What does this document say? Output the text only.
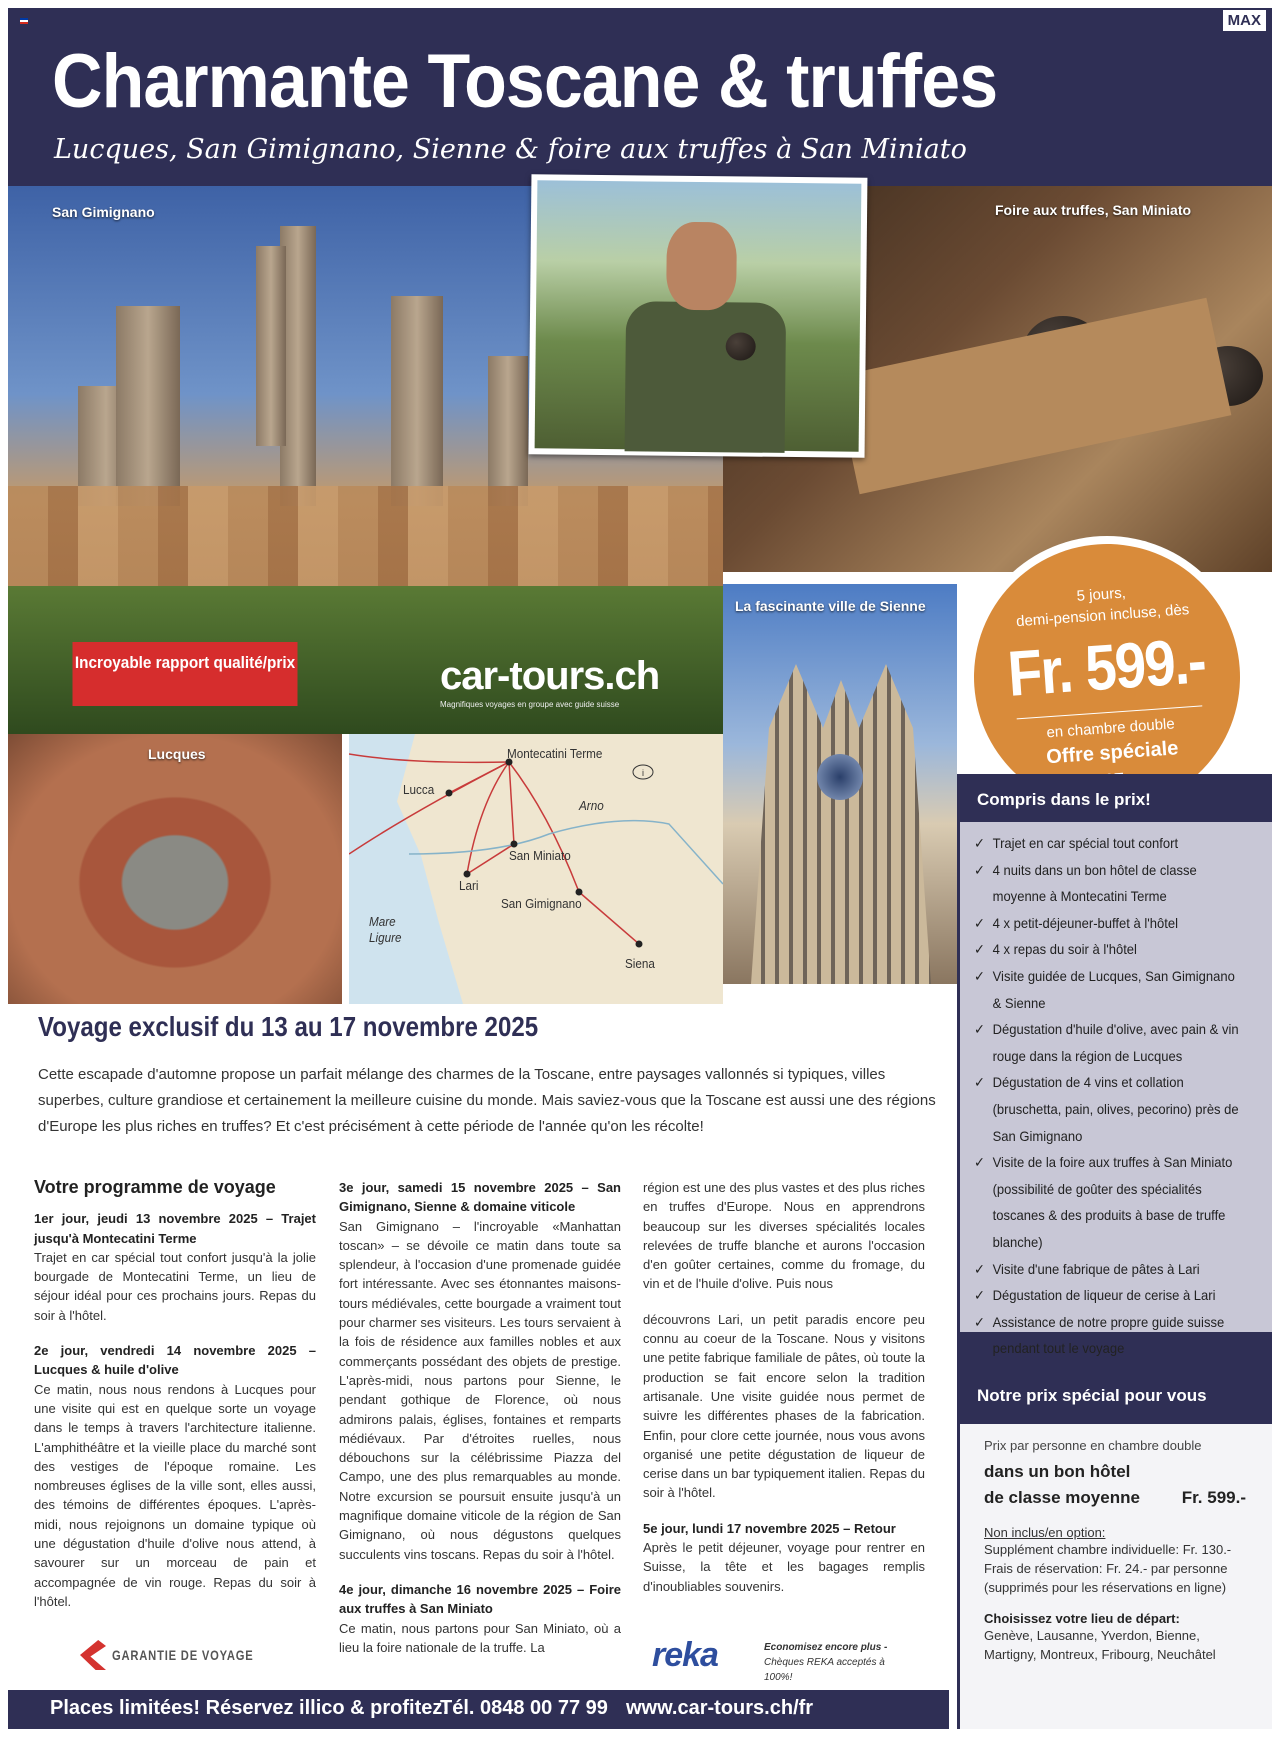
MAX
Charmante Toscane & truffes
Lucques, San Gimignano, Sienne & foire aux truffes à San Miniato
San Gimignano
Incroyable rapport qualité/prix	car-tours.ch
Magnifiques voyages en groupe avec guide suisse
Foire aux truffes, San Miniato
La fascinante ville de Sienne
Lucques
i
Montecatini Terme
Lucca
Arno
San Miniato
Lari
San Gimignano
Mare Ligure
Siena
5 jours,
demi-pension incluse, dès
Fr. 599.-
en chambre double
Offre spéciale
Compris dans le prix!
✓ Trajet en car spécial tout confort
✓ 4 nuits dans un bon hôtel de classe moyenne à Montecatini Terme
✓ 4 x petit-déjeuner-buffet à l'hôtel
✓ 4 x repas du soir à l'hôtel
✓ Visite guidée de Lucques, San Gimignano & Sienne
✓ Dégustation d'huile d'olive, avec pain & vin rouge dans la région de Lucques
✓ Dégustation de 4 vins et collation (bruschetta, pain, olives, pecorino) près de San Gimignano
✓ Visite de la foire aux truffes à San Miniato (possibilité de goûter des spécialités toscanes & des produits à base de truffe blanche)
✓ Visite d'une fabrique de pâtes à Lari
✓ Dégustation de liqueur de cerise à Lari
✓ Assistance de notre propre guide suisse pendant tout le voyage
Notre prix spécial pour vous
Prix par personne en chambre double
dans un bon hôtel
de classe moyenne Fr. 599.-
Non inclus/en option:
Supplément chambre individuelle: Fr. 130.-
Frais de réservation: Fr. 24.- par personne
(supprimés pour les réservations en ligne)
Choisissez votre lieu de départ:
Genève, Lausanne, Yverdon, Bienne, Martigny, Montreux, Fribourg, Neuchâtel
Voyage exclusif du 13 au 17 novembre 2025
Cette escapade d'automne propose un parfait mélange des charmes de la Toscane, entre paysages vallonnés si typiques, villes superbes, culture grandiose et certainement la meilleure cuisine du monde. Mais saviez-vous que la Toscane est aussi une des régions d'Europe les plus riches en truffes? Et c'est précisément à cette période de l'année qu'on les récolte!
Votre programme de voyage
1er jour, jeudi 13 novembre 2025 – Trajet jusqu'à Montecatini Terme
Trajet en car spécial tout confort jusqu'à la jolie bourgade de Montecatini Terme, un lieu de séjour idéal pour ces prochains jours. Repas du soir à l'hôtel.
2e jour, vendredi 14 novembre 2025 – Lucques & huile d'olive
Ce matin, nous nous rendons à Lucques pour une visite qui est en quelque sorte un voyage dans le temps à travers l'architecture italienne. L'amphithéâtre et la vieille place du marché sont des vestiges de l'époque romaine. Les nombreuses églises de la ville sont, elles aussi, des témoins de différentes époques. L'après-midi, nous rejoignons un domaine typique où une dégustation d'huile d'olive nous attend, à savourer sur un morceau de pain et accompagnée de vin rouge. Repas du soir à l'hôtel.
3e jour, samedi 15 novembre 2025 – San Gimignano, Sienne & domaine viticole
San Gimignano – l'incroyable «Manhattan toscan» – se dévoile ce matin dans toute sa splendeur, à l'occasion d'une promenade guidée fort intéressante. Avec ses étonnantes maisons-tours médiévales, cette bourgade a vraiment tout pour charmer ses visiteurs. Les tours servaient à la fois de résidence aux familles nobles et aux commerçants possédant des objets de prestige. L'après-midi, nous partons pour Sienne, le pendant gothique de Florence, où nous admirons palais, églises, fontaines et remparts médiévaux. Par d'étroites ruelles, nous débouchons sur la célébrissime Piazza del Campo, une des plus remarquables au monde. Notre excursion se poursuit ensuite jusqu'à un magnifique domaine viticole de la région de San Gimignano, où nous dégustons quelques succulents vins toscans. Repas du soir à l'hôtel.
4e jour, dimanche 16 novembre 2025 – Foire aux truffes à San Miniato
Ce matin, nous partons pour San Miniato, où a lieu la foire nationale de la truffe. La
région est une des plus vastes et des plus riches en truffes d'Europe. Nous en apprendrons beaucoup sur les diverses spécialités locales relevées de truffe blanche et aurons l'occasion d'en goûter certaines, comme du fromage, du vin et de l'huile d'olive. Puis nous
découvrons Lari, un petit paradis encore peu connu au coeur de la Toscane. Nous y visitons une petite fabrique familiale de pâtes, où toute la production se fait encore selon la tradition artisanale. Une visite guidée nous permet de suivre les différentes phases de la fabrication. Enfin, pour clore cette journée, nous vous avons organisé une petite dégustation de liqueur de cerise dans un bar typiquement italien. Repas du soir à l'hôtel.
5e jour, lundi 17 novembre 2025 – Retour
Après le petit déjeuner, voyage pour rentrer en Suisse, la tête et les bagages remplis d'inoubliables souvenirs.
GARANTIE DE VOYAGE	reka	Economisez encore plus -
Chèques REKA acceptés à 100%!
Places limitées! Réservez illico & profitez!
Tél. 0848 00 77 99 www.car-tours.ch/fr
